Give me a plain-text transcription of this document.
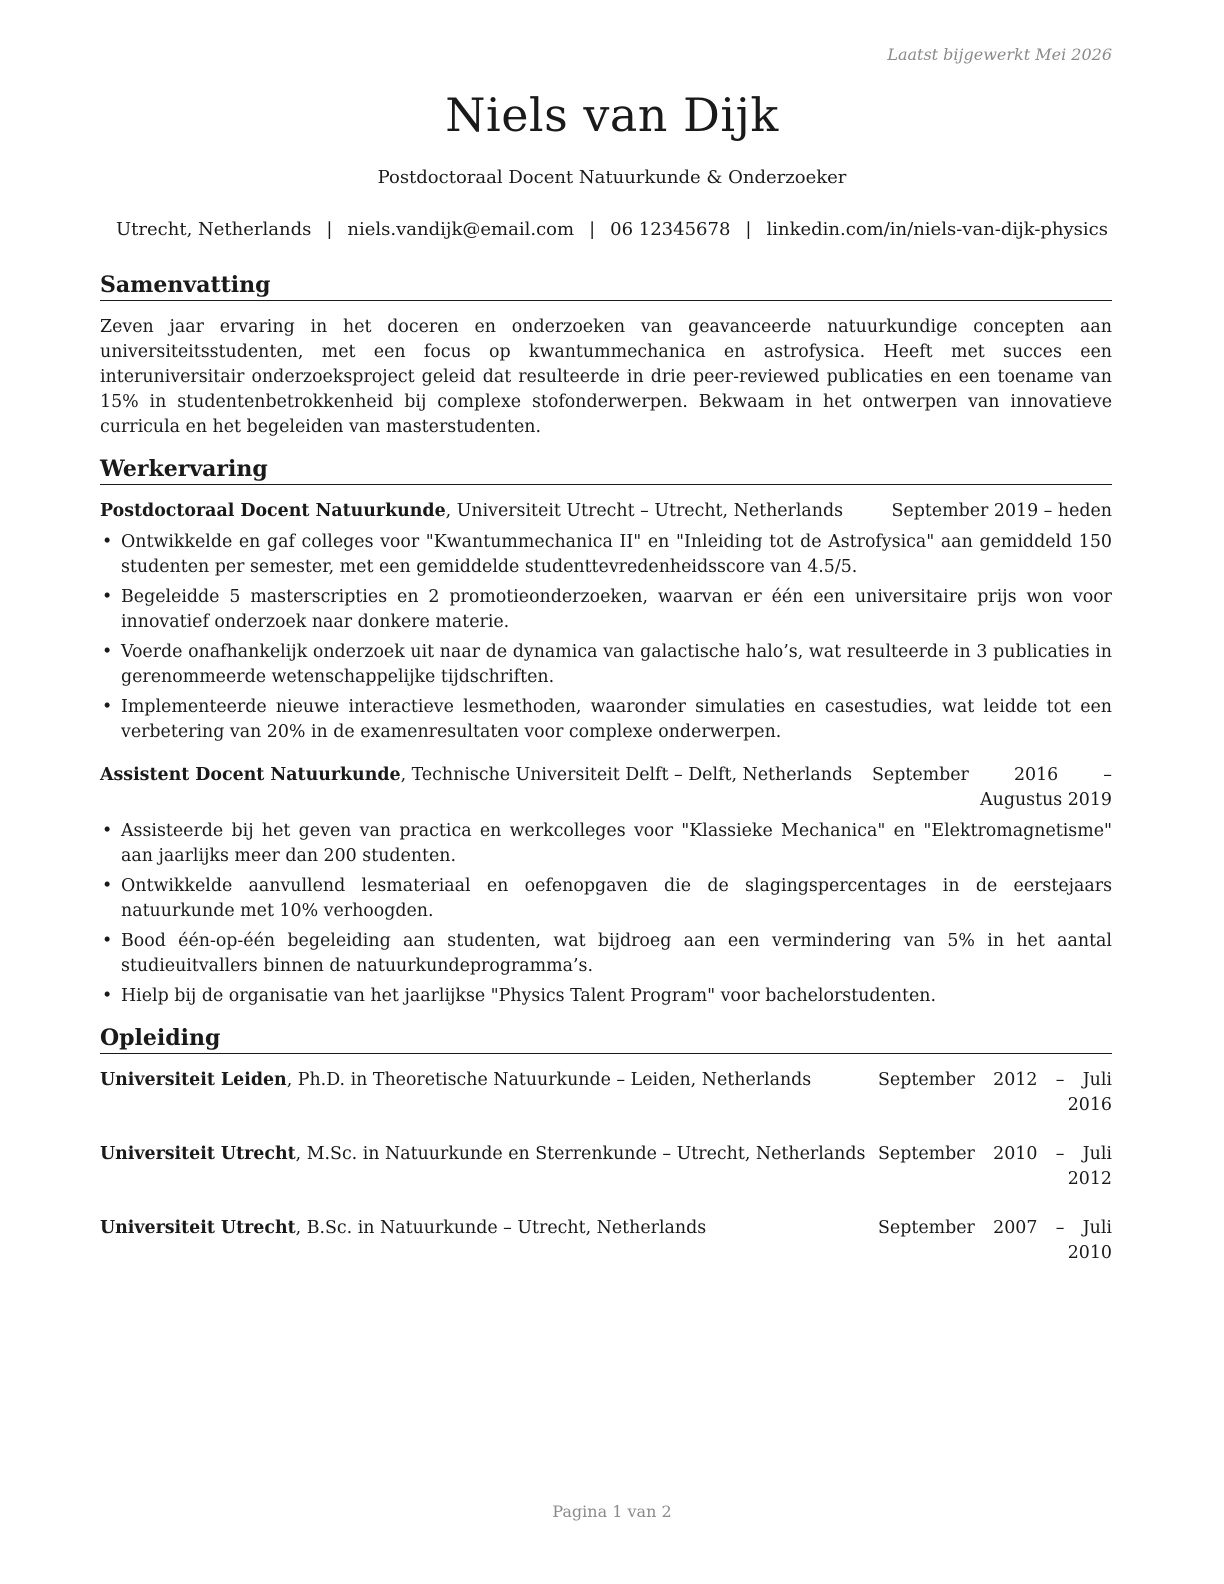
Laatst bijgewerkt Mei 2026
Niels van Dijk
Postdoctoraal Docent Natuurkunde & Onderzoeker
Utrecht, Netherlands | niels.vandijk@email.com | 06 12345678 | linkedin.com/in/niels-van-dijk-physics
Samenvatting

Zeven jaar ervaring in het doceren en onderzoeken van geavanceerde natuurkundige concepten aan universiteitsstudenten, met een focus op kwantummechanica en astrofysica. Heeft met succes een interuniversitair onderzoeksproject geleid dat resulteerde in drie peer-reviewed publicaties en een toename van 15% in studentenbetrokkenheid bij complexe stofonderwerpen. Bekwaam in het ontwerpen van innovatieve curricula en het begeleiden van masterstudenten.

Werkervaring
Postdoctoraal Docent Natuurkunde, Universiteit Utrecht – Utrecht, Netherlands	September 2019 – heden
• Ontwikkelde en gaf colleges voor "Kwantummechanica II" en "Inleiding tot de Astrofysica" aan gemiddeld 150 studenten per semester, met een gemiddelde studenttevredenheidsscore van 4.5/5.
• Begeleidde 5 masterscripties en 2 promotieonderzoeken, waarvan er één een universitaire prijs won voor innovatief onderzoek naar donkere materie.
• Voerde onafhankelijk onderzoek uit naar de dynamica van galactische halo’s, wat resulteerde in 3 publicaties in gerenommeerde wetenschappelijke tijdschriften.
• Implementeerde nieuwe interactieve lesmethoden, waaronder simulaties en casestudies, wat leidde tot een verbetering van 20% in de examenresultaten voor complexe onderwerpen.
Assistent Docent Natuurkunde, Technische Universiteit Delft – Delft, Netherlands	September 2016 – Augustus 2019
• Assisteerde bij het geven van practica en werkcolleges voor "Klassieke Mechanica" en "Elektromagnetisme" aan jaarlijks meer dan 200 studenten.
• Ontwikkelde aanvullend lesmateriaal en oefenopgaven die de slagingspercentages in de eerstejaars natuurkunde met 10% verhoogden.
• Bood één-op-één begeleiding aan studenten, wat bijdroeg aan een vermindering van 5% in het aantal studieuitvallers binnen de natuurkundeprogramma’s.
• Hielp bij de organisatie van het jaarlijkse "Physics Talent Program" voor bachelorstudenten.
Opleiding
Universiteit Leiden, Ph.D. in Theoretische Natuurkunde – Leiden, Netherlands	September 2012 – Juli
2016
Universiteit Utrecht, M.Sc. in Natuurkunde en Sterrenkunde – Utrecht, Netherlands September 2010 – Juli
2012
Universiteit Utrecht, B.Sc. in Natuurkunde – Utrecht, Netherlands	September 2007 – Juli
2010
Pagina 1 van 2
